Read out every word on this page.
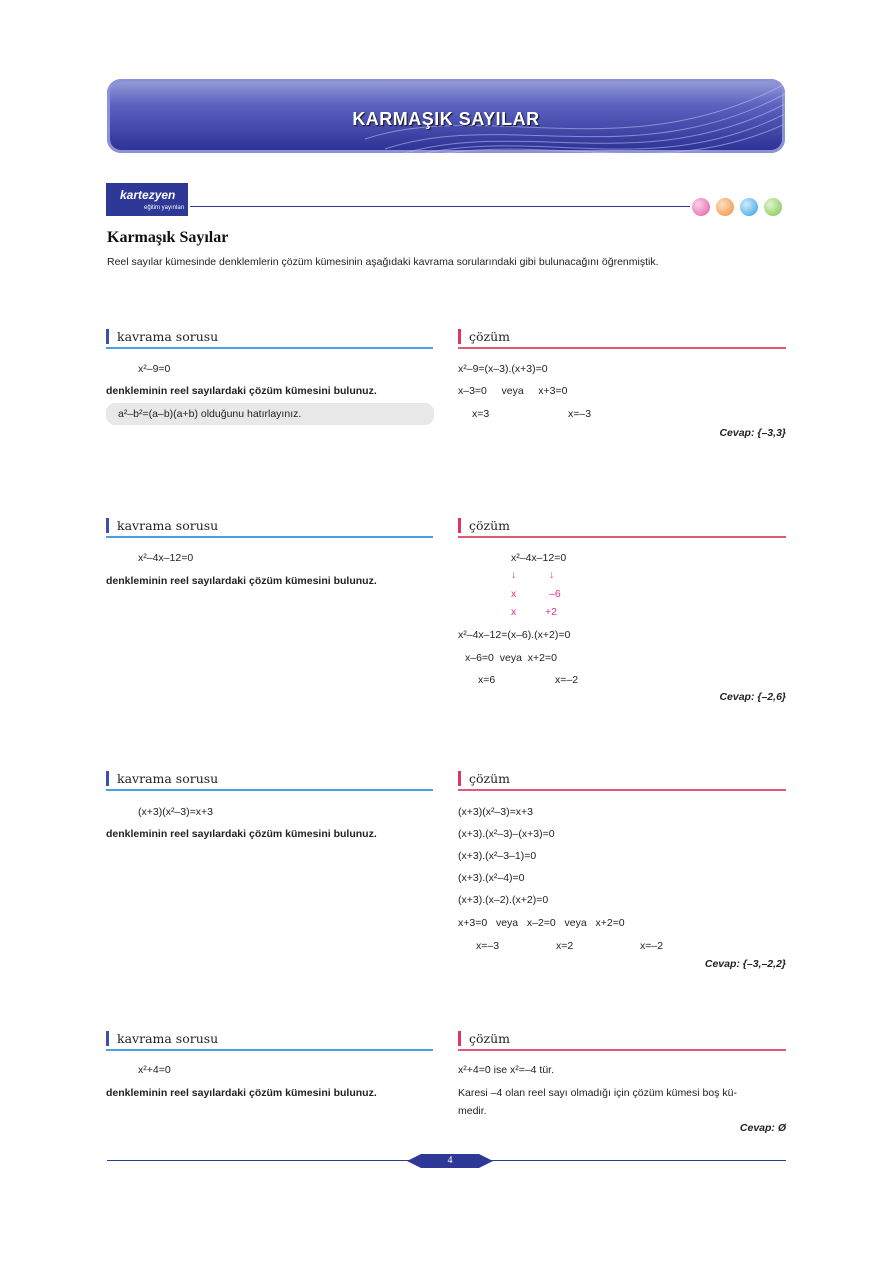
KARMAŞIK SAYILAR
kartezyen
eğitim yayınları
Karmaşık Sayılar
Reel sayılar kümesinde denklemlerin çözüm kümesinin aşağıdaki kavrama sorularındaki gibi bulunacağını öğrenmiştik.
kavrama sorusu	çözüm
x²–9=0
denkleminin reel sayılardaki çözüm kümesini bulunuz.
a²–b²=(a–b)(a+b) olduğunu hatırlayınız.
x²–9=(x–3).(x+3)=0
x–3=0     veya     x+3=0
x=3	x=–3
Cevap: {–3,3}
kavrama sorusu	çözüm
x²–4x–12=0
denkleminin reel sayılardaki çözüm kümesini bulunuz.
x²–4x–12=0
↓	↓
x	–6
x	+2
x²–4x–12=(x–6).(x+2)=0
x–6=0  veya  x+2=0
x=6	x=–2
Cevap: {–2,6}
kavrama sorusu	çözüm
(x+3)(x²–3)=x+3
denkleminin reel sayılardaki çözüm kümesini bulunuz.
(x+3)(x²–3)=x+3
(x+3).(x²–3)–(x+3)=0
(x+3).(x²–3–1)=0
(x+3).(x²–4)=0
(x+3).(x–2).(x+2)=0
x+3=0   veya   x–2=0   veya   x+2=0
x=–3	x=2	x=–2
Cevap: {–3,–2,2}
kavrama sorusu	çözüm
x²+4=0
denkleminin reel sayılardaki çözüm kümesini bulunuz.
x²+4=0 ise x²=–4 tür.
Karesi –4 olan reel sayı olmadığı için çözüm kümesi boş kü-
medir.
Cevap: Ø
4
